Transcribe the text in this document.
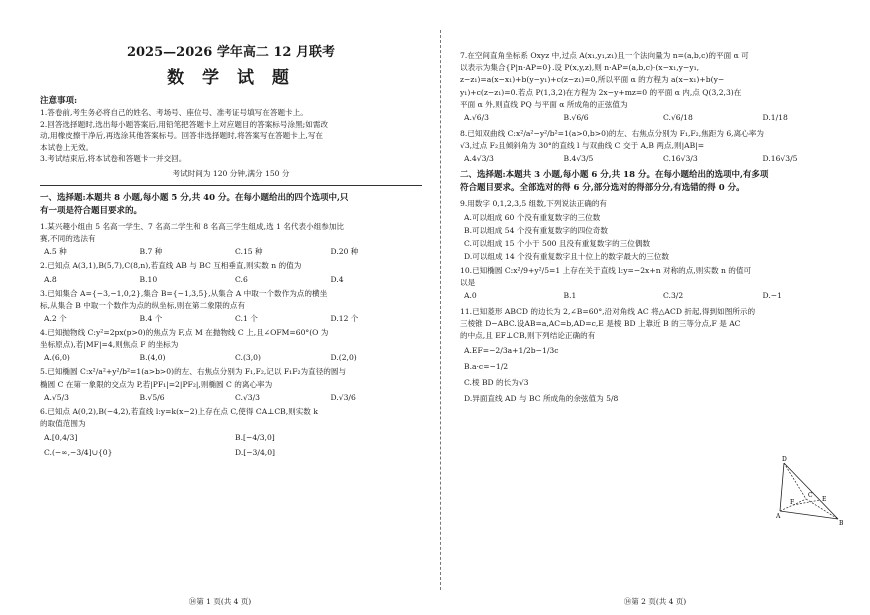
2025—2026 学年高二 12 月联考

数 学 试 题

注意事项:

1.答卷前,考生务必将自己的姓名、考场号、座位号、准考证号填写在答题卡上。

2.回答选择题时,选出每小题答案后,用铅笔把答题卡上对应题目的答案标号涂黑;如需改

动,用橡皮擦干净后,再选涂其他答案标号。回答非选择题时,将答案写在答题卡上,写在

本试卷上无效。

3.考试结束后,将本试卷和答题卡一并交回。

考试时间为 120 分钟,满分 150 分

一、选择题:本题共 8 小题,每小题 5 分,共 40 分。在每小题给出的四个选项中,只
有一项是符合题目要求的。

1.某兴趣小组由 5 名高一学生、7 名高二学生和 8 名高三学生组成,选 1 名代表小组参加比

赛,不同的选法有

A.5 种	B.7 种	C.15 种	D.20 种

2.已知点 A(3,1),B(5,7),C(8,n),若直线 AB 与 BC 互相垂直,则实数 n 的值为

A.8	B.10	C.6	D.4

3.已知集合 A={−3,−1,0,2},集合 B={−1,3,5},从集合 A 中取一个数作为点的横坐

标,从集合 B 中取一个数作为点的纵坐标,则在第二象限的点有

A.2 个	B.4 个	C.1 个	D.12 个

4.已知抛物线 C:y²=2px(p>0)的焦点为 F,点 M 在抛物线 C 上,且∠OFM=60°(O 为

坐标原点),若|MF|=4,则焦点 F 的坐标为

A.(6,0)	B.(4,0)	C.(3,0)	D.(2,0)

5.已知椭圆 C:x²/a²+y²/b²=1(a>b>0)的左、右焦点分别为 F₁,F₂,记以 F₁F₂为直径的圆与

椭圆 C 在第一象限的交点为 P,若|PF₁|=2|PF₂|,则椭圆 C 的离心率为

A.√5/3	B.√5/6	C.√3/3	D.√3/6

6.已知点 A(0,2),B(−4,2),若直线 l:y=k(x−2)上存在点 C,使得 CA⊥CB,则实数 k

的取值范围为

A.[0,4/3]	B.[−4/3,0]
C.(−∞,−3/4]∪{0}	D.[−3/4,0]
⑭第 1 页(共 4 页)

7.在空间直角坐标系 Oxyz 中,过点 A(x₁,y₁,z₁)且一个法向量为 n=(a,b,c)的平面 α 可

以表示为集合{P|n·AP=0}.设 P(x,y,z),则 n·AP=(a,b,c)·(x−x₁,y−y₁,

z−z₁)=a(x−x₁)+b(y−y₁)+c(z−z₁)=0,所以平面 α 的方程为 a(x−x₁)+b(y−

y₁)+c(z−z₁)=0.若点 P(1,3,2)在方程为 2x−y+mz=0 的平面 α 内,点 Q(3,2,3)在

平面 α 外,则直线 PQ 与平面 α 所成角的正弦值为

A.√6/3	B.√6/6	C.√6/18	D.1/18

8.已知双曲线 C:x²/a²−y²/b²=1(a>0,b>0)的左、右焦点分别为 F₁,F₂,焦距为 6,离心率为

√3,过点 F₂且倾斜角为 30°的直线 l 与双曲线 C 交于 A,B 两点,则|AB|=

A.4√3/3	B.4√3/5	C.16√3/3	D.16√3/5

二、选择题:本题共 3 小题,每小题 6 分,共 18 分。在每小题给出的选项中,有多项
符合题目要求。全部选对的得 6 分,部分选对的得部分分,有选错的得 0 分。

9.用数字 0,1,2,3,5 组数,下列说法正确的有

A.可以组成 60 个没有重复数字的三位数
B.可以组成 54 个没有重复数字的四位奇数
C.可以组成 15 个小于 500 且没有重复数字的三位偶数
D.可以组成 14 个没有重复数字且十位上的数字最大的三位数

10.已知椭圆 C:x²/9+y²/5=1 上存在关于直线 l:y=−2x+n 对称的点,则实数 n 的值可

以是

A.0	B.1	C.3/2	D.−1

11.已知菱形 ABCD 的边长为 2,∠B=60°,沿对角线 AC 将△ACD 折起,得到如图所示的

三棱锥 D−ABC.设AB=a,AC=b,AD=c,E 是棱 BD 上靠近 B 的三等分点,F 是 AC

的中点,且 EF⊥CB,则下列结论正确的有

A.EF=−2/3a+1/2b−1/3c
B.a·c=−1/2
C.棱 BD 的长为√3
D.异面直线 AD 与 BC 所成角的余弦值为 5/8
D
F	E
C
A
B
⑭第 2 页(共 4 页)
